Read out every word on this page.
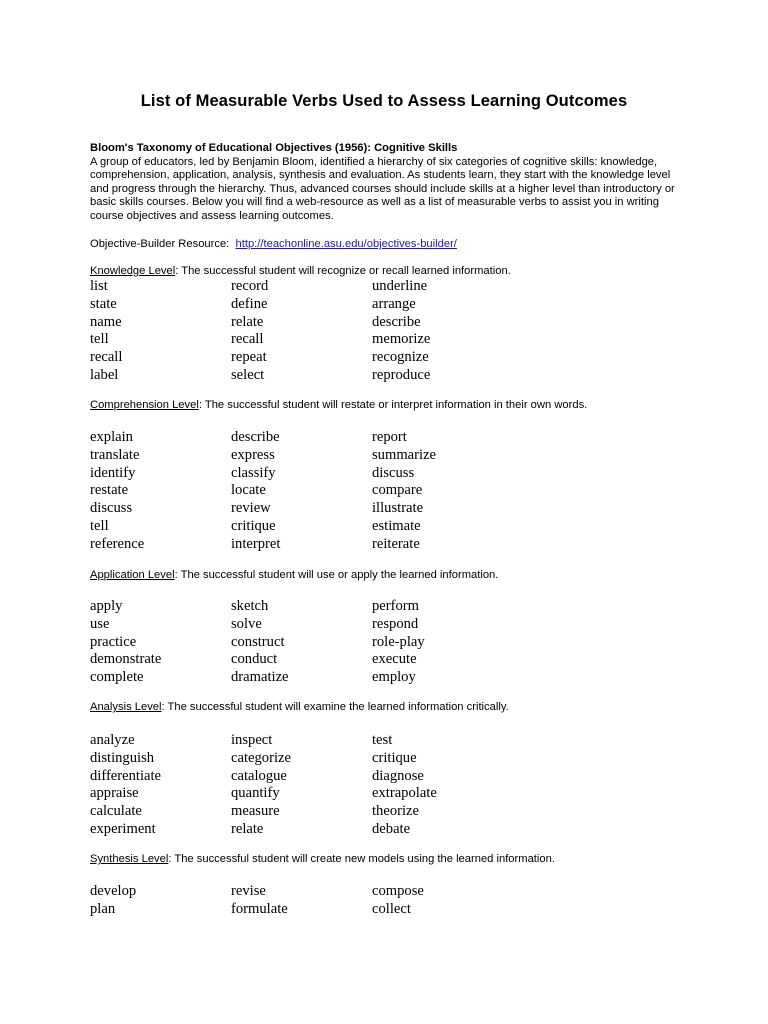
List of Measurable Verbs Used to Assess Learning Outcomes
Bloom's Taxonomy of Educational Objectives (1956): Cognitive Skills
A group of educators, led by Benjamin Bloom, identified a hierarchy of six categories of cognitive skills: knowledge, comprehension, application, analysis, synthesis and evaluation. As students learn, they start with the knowledge level and progress through the hierarchy. Thus, advanced courses should include skills at a higher level than introductory or basic skills courses. Below you will find a web-resource as well as a list of measurable verbs to assist you in writing course objectives and assess learning outcomes.
Objective-Builder Resource: http://teachonline.asu.edu/objectives-builder/
Knowledge Level: The successful student will recognize or recall learned information.
list	record	underline
state	define	arrange
name	relate	describe
tell	recall	memorize
recall	repeat	recognize
label	select	reproduce
Comprehension Level: The successful student will restate or interpret information in their own words.
explain	describe	report
translate	express	summarize
identify	classify	discuss
restate	locate	compare
discuss	review	illustrate
tell	critique	estimate
reference	interpret	reiterate
Application Level: The successful student will use or apply the learned information.
apply	sketch	perform
use	solve	respond
practice	construct	role-play
demonstrate	conduct	execute
complete	dramatize	employ
Analysis Level: The successful student will examine the learned information critically.
analyze	inspect	test
distinguish	categorize	critique
differentiate	catalogue	diagnose
appraise	quantify	extrapolate
calculate	measure	theorize
experiment	relate	debate
Synthesis Level: The successful student will create new models using the learned information.
develop	revise	compose
plan	formulate	collect
